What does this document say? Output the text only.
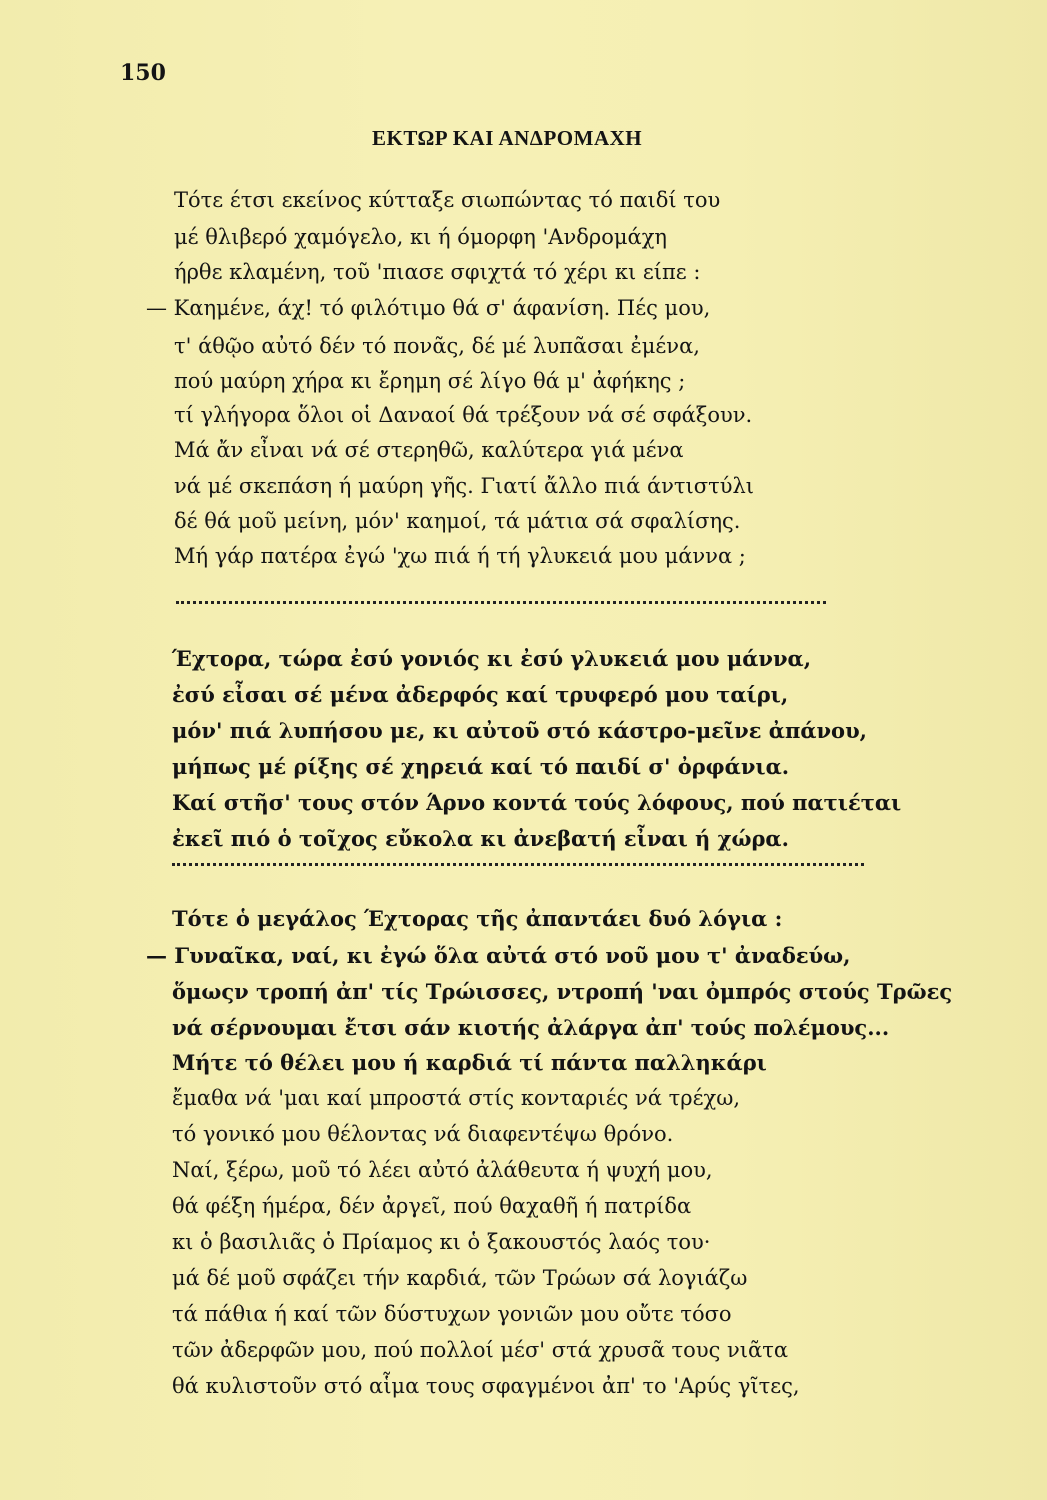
150
ΕΚΤΩΡ ΚΑΙ ΑΝΔΡΟΜΑΧΗ
Τότε έτσι εκείνος κύτταξε σιωπώντας τό παιδί του
μέ θλιβερό χαμόγελο, κι ή όμορφη 'Ανδρομάχη
ήρθε κλαμένη, τοῦ 'πιασε σφιχτά τό χέρι κι είπε :
— Καημένε, άχ! τό φιλότιμο θά σ' άφανίση. Πές μου,
τ' άθῷο αὐτό δέν τό πονᾶς, δέ μέ λυπᾶσαι ἐμένα,
πού μαύρη χήρα κι ἔρημη σέ λίγο θά μ' ἀφήκης ;
τί γλήγορα ὅλοι οἱ Δαναοί θά τρέξουν νά σέ σφάξουν.
Μά ἄν εἶναι νά σέ στερηθῶ, καλύτερα γιά μένα
νά μέ σκεπάση ή μαύρη γῆς. Γιατί ἄλλο πιά άντιστύλι
δέ θά μοῦ μείνη, μόν' καημοί, τά μάτια σά σφαλίσης.
Μή γάρ πατέρα ἐγώ 'χω πιά ή τή γλυκειά μου μάννα ;
Έχτορα, τώρα ἐσύ γονιός κι ἐσύ γλυκειά μου μάννα,
ἐσύ εἶσαι σέ μένα ἀδερφός καί τρυφερό μου ταίρι,
μόν' πιά λυπήσου με, κι αὐτοῦ στό κάστρο-μεῖνε ἀπάνου,
μήπως μέ ρίξης σέ χηρειά καί τό παιδί σ' ὀρφάνια.
Καί στῆσ' τους στόν Άρνο κοντά τούς λόφους, πού πατιέται
ἐκεῖ πιό ὁ τοῖχος εὔκολα κι ἀνεβατή εἶναι ή χώρα.
Τότε ὁ μεγάλος Έχτορας τῆς ἀπαντάει δυό λόγια :
— Γυναῖκα, ναί, κι ἐγώ ὅλα αὐτά στό νοῦ μου τ' ἀναδεύω,
ὅμωςν τροπή ἀπ' τίς Τρώισσες, ντροπή 'ναι ὀμπρός στούς Τρῶες
νά σέρνουμαι ἔτσι σάν κιοτής ἀλάργα ἀπ' τούς πολέμους...
Μήτε τό θέλει μου ή καρδιά τί πάντα παλληκάρι
ἔμαθα νά 'μαι καί μπροστά στίς κονταριές νά τρέχω,
τό γονικό μου θέλοντας νά διαφεντέψω θρόνο.
Ναί, ξέρω, μοῦ τό λέει αὐτό ἀλάθευτα ή ψυχή μου,
θά φέξη ήμέρα, δέν ἀργεῖ, πού θαχαθῆ ή πατρίδα
κι ὁ βασιλιᾶς ὁ Πρίαμος κι ὁ ξακουστός λαός του·
μά δέ μοῦ σφάζει τήν καρδιά, τῶν Τρώων σά λογιάζω
τά πάθια ή καί τῶν δύστυχων γονιῶν μου οὔτε τόσο
τῶν ἀδερφῶν μου, πού πολλοί μέσ' στά χρυσᾶ τους νιᾶτα
θά κυλιστοῦν στό αἷμα τους σφαγμένοι ἀπ' το 'Αρύς γῖτες,
